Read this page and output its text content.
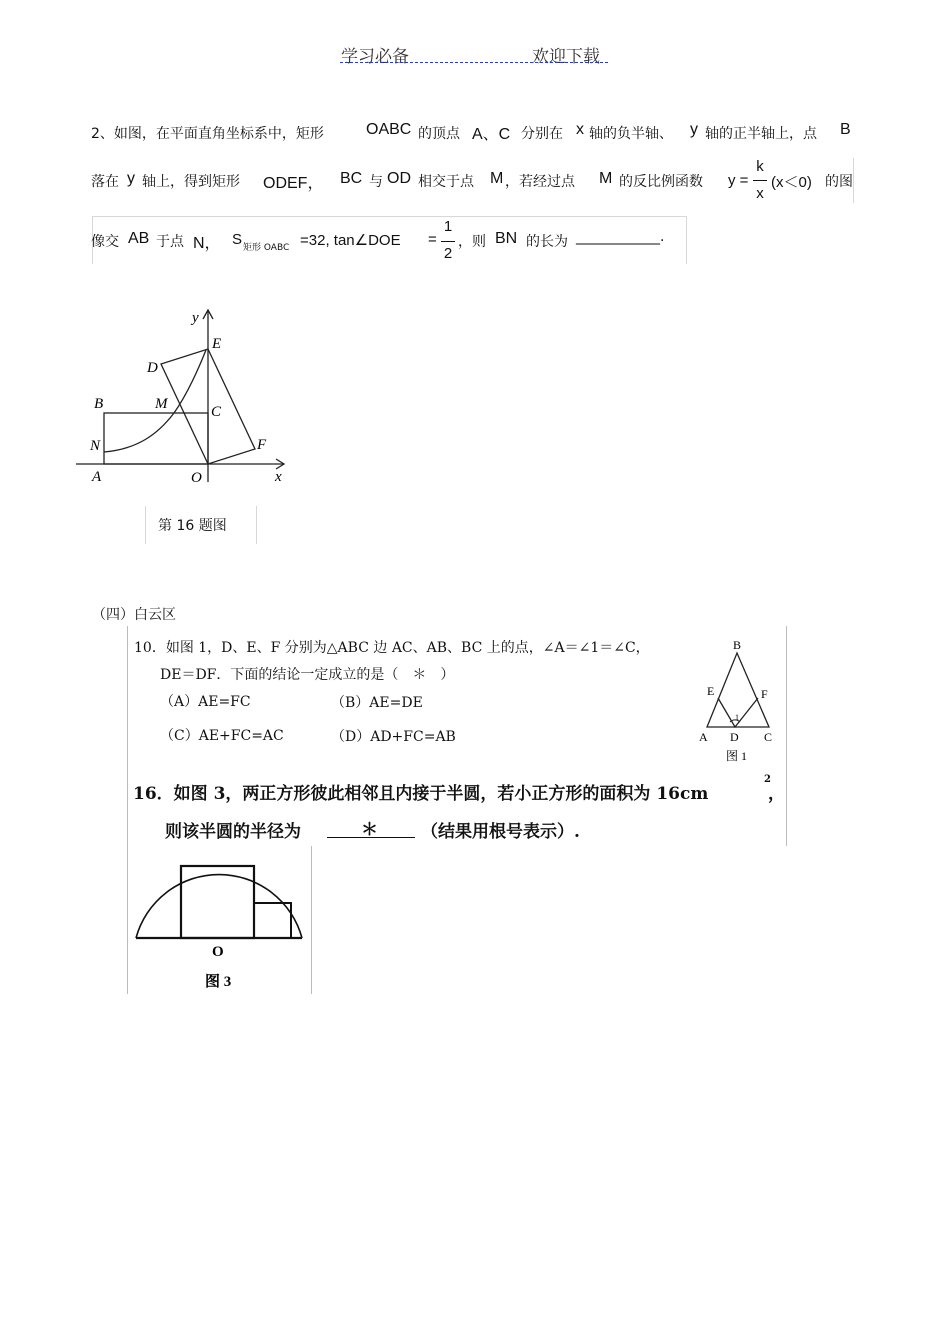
学习必备	欢迎下载
2、如图，在平面直角坐标系中，矩形	OABC 的顶点 A、C 分别在 x 轴的负半轴、 y 轴的正半轴上，点 B
落在 y 轴上，得到矩形 ODEF， BC 与 OD 相交于点 M ，若经过点 M 的反比例函数 y =
k
x
(x＜0) 的图
像交 AB 于点 N， S 矩形 OABC =32, tan∠DOE =
1
2
，则 BN 的长为 ____________.
y
E
D
B	M	C
N	F
A	O	x
第 16 题图
（四）白云区
10．如图 1，D、E、F 分别为△ABC 边 AC、AB、BC 上的点，∠A＝∠1＝∠C，
DE＝DF．下面的结论一定成立的是（　＊　）
（A）AE=FC	（B）AE=DE
（C）AE+FC=AC	（D）AD+FC=AB
B
E	F
1
A D C
图 1
16．如图 3，两正方形彼此相邻且内接于半圆，若小正方形的面积为 16cm
2
，
则该半圆的半径为	＊	（结果用根号表示）.
O
图 3
